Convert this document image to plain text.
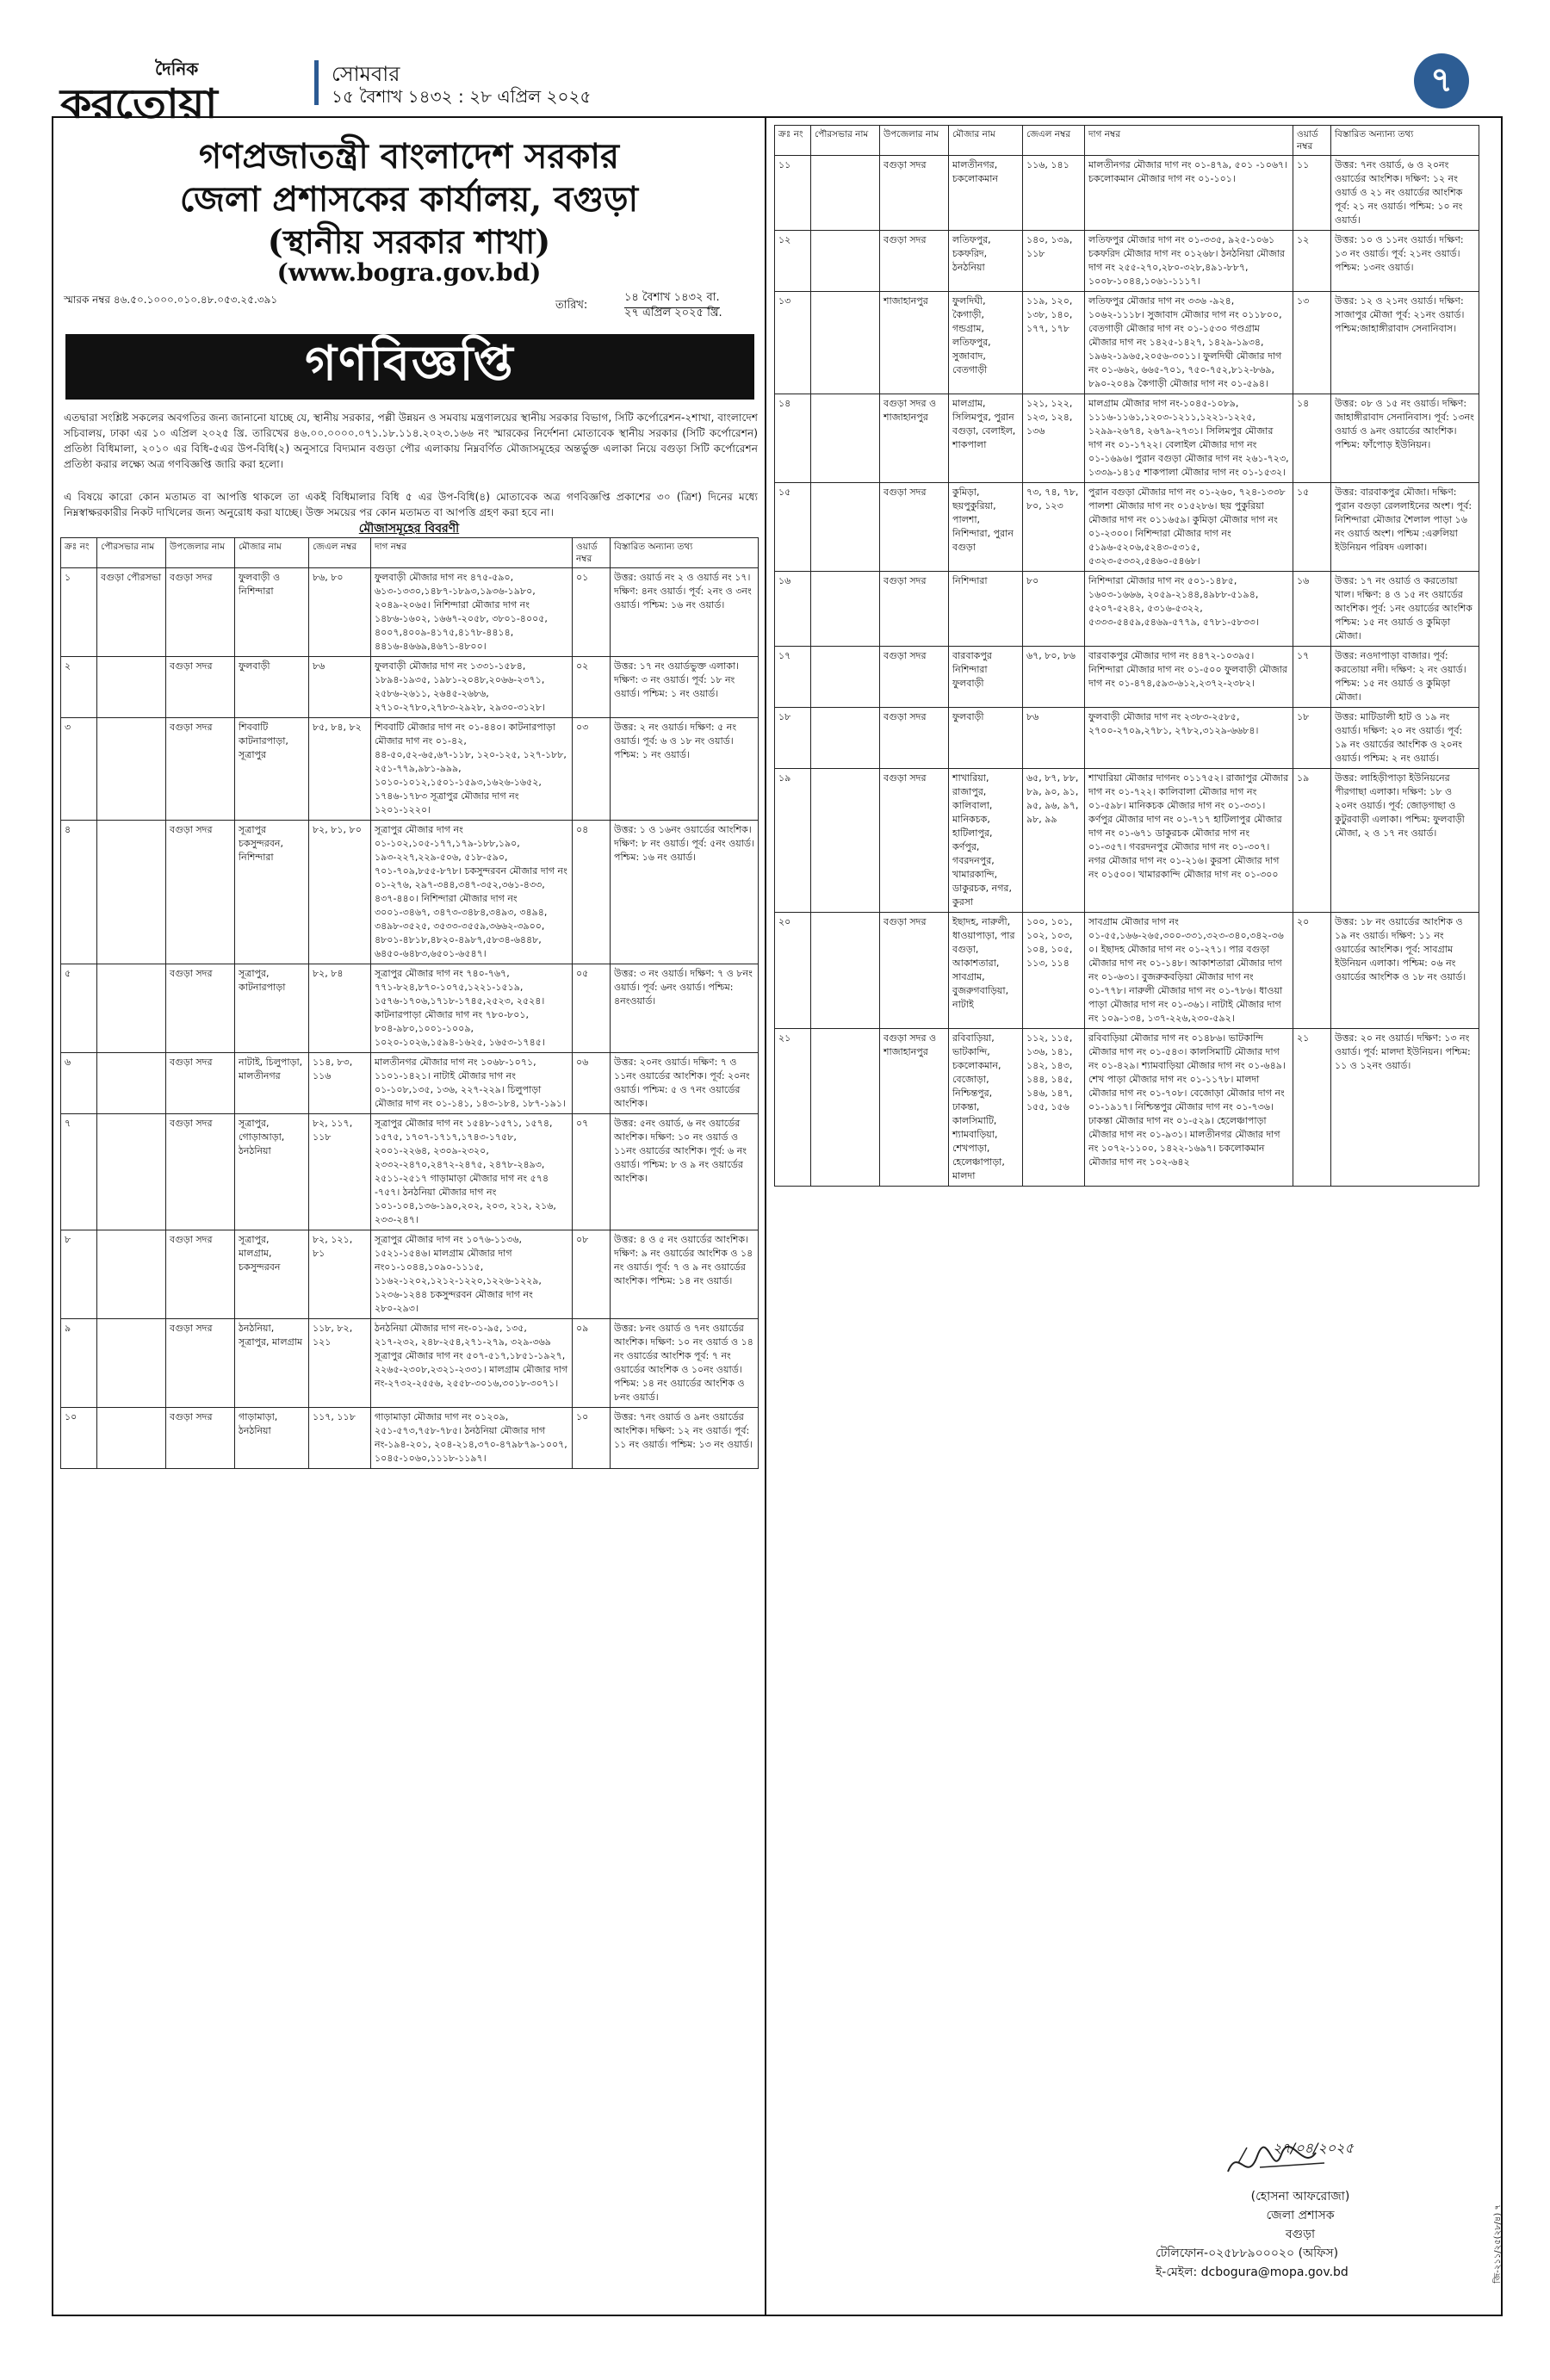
দৈনিক
করতোয়া
সোমবার
১৫ বৈশাখ ১৪৩২ : ২৮ এপ্রিল ২০২৫	৭
গণপ্রজাতন্ত্রী বাংলাদেশ সরকার
জেলা প্রশাসকের কার্যালয়, বগুড়া
(স্থানীয় সরকার শাখা)
(www.bogra.gov.bd)
স্মারক নম্বর ৪৬.৫০.১০০০.০১০.৪৮.০৫৩.২৫.৩৯১	তারিখ:
১৪ বৈশাখ ১৪৩২ বা.
২৭ এপ্রিল ২০২৫ খ্রি.
গণবিজ্ঞপ্তি
এতদ্বারা সংশ্লিষ্ট সকলের অবগতির জন্য জানানো যাচ্ছে যে, স্থানীয় সরকার, পল্লী উন্নয়ন ও সমবায় মন্ত্রণালয়ের স্থানীয় সরকার বিভাগ, সিটি কর্পোরেশন-২শাখা, বাংলাদেশ সচিবালয়, ঢাকা এর ১০ এপ্রিল ২০২৫ খ্রি. তারিখের ৪৬.০০.০০০০.০৭১.১৮.১১৪.২০২৩.১৬৬ নং স্মারকের নির্দেশনা মোতাবেক স্থানীয় সরকার (সিটি কর্পোরেশন) প্রতিষ্ঠা বিধিমালা, ২০১০ এর বিধি-৫এর উপ-বিধি(২) অনুসারে বিদ্যমান বগুড়া পৌর এলাকায় নিম্নবর্ণিত মৌজাসমূহের অন্তর্ভুক্ত এলাকা নিয়ে বগুড়া সিটি কর্পোরেশন প্রতিষ্ঠা করার লক্ষ্যে অত্র গণবিজ্ঞপ্তি জারি করা হলো।
এ বিষয়ে কারো কোন মতামত বা আপত্তি থাকলে তা একই বিধিমালার বিধি ৫ এর উপ-বিধি(৪) মোতাবেক অত্র গণবিজ্ঞপ্তি প্রকাশের ৩০ (ত্রিশ) দিনের মধ্যে নিম্নস্বাক্ষরকারীর নিকট দাখিলের জন্য অনুরোধ করা যাচ্ছে। উক্ত সময়ের পর কোন মতামত বা আপত্তি গ্রহণ করা হবে না।
মৌজাসমূহের বিবরণী
ক্রঃ নং	পৌরসভার নাম	উপজেলার নাম	মৌজার নাম	জেএল নম্বর	দাগ নম্বর	ওয়ার্ড নম্বর	বিস্তারিত অন্যান্য তথ্য
১	বগুড়া পৌরসভা	বগুড়া সদর	ফুলবাড়ী ও নিশিন্দারা	৮৬, ৮০	ফুলবাড়ী মৌজার দাগ নং ৪৭৫-৫৯০, ৬১৩-১৩৩০,১৪৮৭-১৮৯৩,১৯৩৬-১৯৮০, ২০৪৯-২০৬৫। নিশিন্দারা মৌজার দাগ নং ১৪৮৬-১৬০২, ১৬৬৭-২০৫৮, ৩৮০১-৪০০৫, ৪০০৭,৪০০৯-৪১৭৫,৪১৭৮-৪৪১৪, ৪৪১৬-৪৬৬৯,৪৬৭১-৪৮০০।	০১	উত্তর: ওয়ার্ড নং ২ ও ওয়ার্ড নং ১৭। দক্ষিণ: ৪নং ওয়ার্ড। পূর্ব: ২নং ও ৩নং ওয়ার্ড। পশ্চিম: ১৬ নং ওয়ার্ড।
২		বগুড়া সদর	ফুলবাড়ী	৮৬	ফুলবাড়ী মৌজার দাগ নং ১৩৩১-১৫৮৪, ১৮৯৪-১৯৩৫, ১৯৮১-২০৪৮,২০৬৬-২৩৭১, ২৫৮৬-২৬১১, ২৬৪৫-২৬৮৬, ২৭১০-২৭৮০,২৭৮৩-২৯২৮, ২৯৩০-৩১২৮।	০২	উত্তর: ১৭ নং ওয়ার্ডভুক্ত এলাকা। দক্ষিণ: ৩ নং ওয়ার্ড। পূর্ব: ১৮ নং ওয়ার্ড। পশ্চিম: ১ নং ওয়ার্ড।
৩		বগুড়া সদর	শিববাটি কাটনারপাড়া, সূত্রাপুর	৮৫, ৮৪, ৮২	শিববাটি মৌজার দাগ নং ০১-৪৪০। কাটনারপাড়া মৌজার দাগ নং ০১-৪২, ৪৪-৫০,৫২-৬৫,৬৭-১১৮, ১২০-১২৫, ১২৭-১৮৮, ২৫১-৭৭৯,৯৮১-৯৯৯, ১০১০-১০১২,১৫০১-১৫৯৩,১৬২৬-১৬৫২, ১৭৪৬-১৭৮৩ সূত্রাপুর মৌজার দাগ নং ১২০১-১২২০।	০৩	উত্তর: ২ নং ওয়ার্ড। দক্ষিণ: ৫ নং ওয়ার্ড। পূর্ব: ৬ ও ১৮ নং ওয়ার্ড। পশ্চিম: ১ নং ওয়ার্ড।
৪		বগুড়া সদর	সূত্রাপুর চকসুন্দরবন, নিশিন্দারা	৮২, ৮১, ৮০	সূত্রাপুর মৌজার দাগ নং ০১-১০২,১০৫-১৭৭,১৭৯-১৮৮,১৯০, ১৯৩-২২৭,২২৯-৫০৬, ৫১৮-৫৯০, ৭০১-৭০৯,৮৫৫-৮৭৮। চকসুন্দরবন মৌজার দাগ নং ০১-২৭৬, ২৯৭-৩৪৪,৩৪৭-৩৫২,৩৬১-৪৩৩, ৪৩৭-৪৪০। নিশিন্দারা মৌজার দাগ নং ৩০০১-৩৪৬৭, ৩৪৭৩-৩৪৮৪,৩৪৯৩, ৩৪৯৪, ৩৪৯৮-৩৫২৫, ৩৫৩৩-৩৫৫৯,৩৬৬২-৩৯০০, ৪৮০১-৪৮১৮,৪৮২০-৪৯৮৭,৫৮৩৪-৬৪৪৮, ৬৪৫০-৬৪৮৩,৬৫০১-৬৫৪৭।	০৪	উত্তর: ১ ও ১৬নং ওয়ার্ডের আংশিক। দক্ষিণ: ৮ নং ওয়ার্ড। পূর্ব: ৫নং ওয়ার্ড। পশ্চিম: ১৬ নং ওয়ার্ড।
৫		বগুড়া সদর	সূত্রাপুর, কাটনারপাড়া	৮২, ৮৪	সূত্রাপুর মৌজার দাগ নং ৭৪০-৭৬৭, ৭৭১-৮২৪,৮৭০-১০৭৫,১২২১-১৫১৯, ১৫৭৬-১৭০৬,১৭১৮-১৭৪৫,২৫২৩, ২৫২৪। কাটনারপাড়া মৌজার দাগ নং ৭৮০-৮০১, ৮০৪-৯৮০,১০০১-১০০৯, ১০২০-১০২৬,১৫৯৪-১৬২৫, ১৬৫৩-১৭৪৫।	০৫	উত্তর: ৩ নং ওয়ার্ড। দক্ষিণ: ৭ ও ৮নং ওয়ার্ড। পূর্ব: ৬নং ওয়ার্ড। পশ্চিম: ৪নংওয়ার্ড।
৬		বগুড়া সদর	নাটাই, চিলুপাড়া, মালতীনগর	১১৪, ৮৩, ১১৬	মালতীনগর মৌজার দাগ নং ১০৬৮-১০৭১, ১১০১-১৪২১। নাটাই মৌজার দাগ নং ০১-১০৮,১৩৫, ১৩৬, ২২৭-২২৯। চিলুপাড়া মৌজার দাগ নং ০১-১৪১, ১৪৩-১৮৪, ১৮৭-১৯১।	০৬	উত্তর: ২০নং ওয়ার্ড। দক্ষিণ: ৭ ও ১১নং ওয়ার্ডের আংশিক। পূর্ব: ২০নং ওয়ার্ড। পশ্চিম: ৫ ও ৭নং ওয়ার্ডের আংশিক।
৭		বগুড়া সদর	সূত্রাপুর, গোড়াআড়া, ঠনঠনিয়া	৮২, ১১৭, ১১৮	সূত্রাপুর মৌজার দাগ নং ১৫৪৮-১৫৭১, ১৫৭৪, ১৫৭৫, ১৭০৭-১৭১৭,১৭৪৩-১৭৫৮, ২০০১-২২৬৪, ২৩০৯-২৩২০, ২৩৩২-২৪৭০,২৪৭২-২৪৭৫, ২৪৭৮-২৪৯৩, ২৫১১-২৫১৭ গাড়ামাড়া মৌজার দাগ নং ৫৭৪ -৭৫৭। ঠনঠনিয়া মৌজার দাগ নং ১০১-১০৪,১৩৬-১৯০,২০২, ২০৩, ২১২, ২১৬, ২৩৩-২৪৭।	০৭	উত্তর: ৫নং ওয়ার্ড, ৬ নং ওয়ার্ডের আংশিক। দক্ষিণ: ১০ নং ওয়ার্ড ও ১১নং ওয়ার্ডের আংশিক। পূর্ব: ৬ নং ওয়ার্ড। পশ্চিম: ৮ ও ৯ নং ওয়ার্ডের আংশিক।
৮		বগুড়া সদর	সূত্রাপুর, মালগ্রাম, চকসুন্দরবন	৮২, ১২১, ৮১	সূত্রাপুর মৌজার দাগ নং ১০৭৬-১১৩৬, ১৫২১-১৫৪৬। মালগ্রাম মৌজার দাগ নং০১-১০৪৪,১০৯০-১১১৫, ১১৬২-১২০২,১২১২-১২২০,১২২৬-১২২৯, ১২৩৬-১২৪৪ চকসুন্দরবন মৌজার দাগ নং ২৮০-২৯৩।	০৮	উত্তর: ৪ ও ৫ নং ওয়ার্ডের আংশিক। দক্ষিণ: ৯ নং ওয়ার্ডের আংশিক ও ১৪ নং ওয়ার্ড। পূর্ব: ৭ ও ৯ নং ওয়ার্ডের আংশিক। পশ্চিম: ১৪ নং ওয়ার্ড।
৯		বগুড়া সদর	ঠনঠনিয়া, সূত্রাপুর, মালগ্রাম	১১৮, ৮২, ১২১	ঠনঠনিয়া মৌজার দাগ নং-০১-৯৫, ১৩৫, ২১৭-২৩২, ২৪৮-২৫৪,২৭১-২৭৯, ৩২৯-৩৬৯ সূত্রাপুর মৌজার দাগ নং ৫০৭-৫১৭,১৮৫১-১৯২৭, ২২৬৫-২৩০৮,২৩২১-২৩৩১। মালগ্রাম মৌজার দাগ নং-২৭৩২-২৫৫৬, ২৫৫৮-৩০১৬,৩০১৮-৩০৭১।	০৯	উত্তর: ৮নং ওয়ার্ড ও ৭নং ওয়ার্ডের আংশিক। দক্ষিণ: ১০ নং ওয়ার্ড ও ১৪ নং ওয়ার্ডের আংশিক পূর্ব: ৭ নং ওয়ার্ডের আংশিক ও ১০নং ওয়ার্ড। পশ্চিম: ১৪ নং ওয়ার্ডের আংশিক ও ৮নং ওয়ার্ড।
১০		বগুড়া সদর	গাড়ামাড়া, ঠনঠনিয়া	১১৭, ১১৮	গাড়ামাড়া মৌজার দাগ নং ০১২০৯, ২৫১-৫৭৩,৭৫৮-৭৮৫। ঠনঠনিয়া মৌজার দাগ নং-১৯৪-২০১, ২০৪-২১৪,৩৭০-৪৭৯৮৭৯-১০০৭, ১০৪৫-১০৬০,১১১৮-১১৯৭।	১০	উত্তর: ৭নং ওয়ার্ড ও ৯নং ওয়ার্ডের আংশিক। দক্ষিণ: ১২ নং ওয়ার্ড। পূর্ব: ১১ নং ওয়ার্ড। পশ্চিম: ১৩ নং ওয়ার্ড।
ক্রঃ নং	পৌরসভার নাম	উপজেলার নাম	মৌজার নাম	জেএল নম্বর	দাগ নম্বর	ওয়ার্ড নম্বর	বিস্তারিত অন্যান্য তথ্য
১১		বগুড়া সদর	মালতীনগর, চকলোকমান	১১৬, ১৪১	মালতীনগর মৌজার দাগ নং ০১-৪৭৯, ৫০১ -১০৬৭। চকলোকমান মৌজার দাগ নং ০১-১০১।	১১	উত্তর: ৭নং ওয়ার্ড, ৬ ও ২০নং ওয়ার্ডের আংশিক। দক্ষিণ: ১২ নং ওয়ার্ড ও ২১ নং ওয়ার্ডের আংশিক পূর্ব: ২১ নং ওয়ার্ড। পশ্চিম: ১০ নং ওয়ার্ড।
১২		বগুড়া সদর	লতিফপুর, চকফরিদ, ঠনঠনিয়া	১৪০, ১৩৯, ১১৮	লতিফপুর মৌজার দাগ নং ০১-৩৩৫, ৯২৫-১০৬১ চকফরিদ মৌজার দাগ নং ০১২৬৮। ঠনঠনিয়া মৌজার দাগ নং ২৫৫-২৭০,২৮০-৩২৮,৪৯১-৮৮৭, ১০০৮-১০৪৪,১০৬১-১১১৭।	১২	উত্তর: ১০ ও ১১নং ওয়ার্ড। দক্ষিণ: ১৩ নং ওয়ার্ড। পূর্ব: ২১নং ওয়ার্ড। পশ্চিম: ১৩নং ওয়ার্ড।
১৩		শাজাহানপুর	ফুলদিঘী, কৈগাড়ী, গন্ডগ্রাম, লতিফপুর, সুজাবাদ, বেতগাড়ী	১১৯, ১২০, ১৩৮, ১৪০, ১৭৭, ১৭৮	লতিফপুর মৌজার দাগ নং ৩৩৬ -৯২৪, ১০৬২-১১১৮। সুজাবাদ মৌজার দাগ নং ০১১৮০০, বেতগাড়ী মৌজার দাগ নং ০১-১৫৩০ গণ্ডগ্রাম মৌজার দাগ নং ১৪২৫-১৪২৭, ১৪২৯-১৯৩৪, ১৯৬২-১৯৬৫,২০৫৬-৩০১১। ফুলদিঘী মৌজার দাগ নং ০১-৬৬২, ৬৬৫-৭০১, ৭৫০-৭৫২,৮১২-৮৬৯, ৮৯০-২০৪৯ কৈগাড়ী মৌজার দাগ নং ০১-৫৯৪।	১৩	উত্তর: ১২ ও ২১নং ওয়ার্ড। দক্ষিণ: সাজাপুর মৌজা পূর্ব: ২১নং ওয়ার্ড। পশ্চিম:জাহাঙ্গীরাবাদ সেনানিবাস।
১৪		বগুড়া সদর ও শাজাহানপুর	মালগ্রাম, সিলিমপুর, পুরান বগুড়া, বেলাইল, শাকপালা	১২১, ১২২, ১২৩, ১২৪, ১৩৬	মালগ্রাম মৌজার দাগ নং-১০৪৫-১০৮৯, ১১১৬-১১৬১,১২০৩-১২১১,১২২১-১২২৫, ১২৯৯-২৬৭৪, ২৬৭৯-২৭৩১। সিলিমপুর মৌজার দাগ নং ০১-১৭২২। বেলাইল মৌজার দাগ নং ০১-১৬৯৬। পুরান বগুড়া মৌজার দাগ নং ২৬১-৭২৩, ১৩৩৯-১৪১৫ শাকপালা মৌজার দাগ নং ০১-১৫৩২।	১৪	উত্তর: ০৮ ও ১৫ নং ওয়ার্ড। দক্ষিণ: জাহাঙ্গীরাবাদ সেনানিবাস। পূর্ব: ১৩নং ওয়ার্ড ও ৯নং ওয়ার্ডের আংশিক। পশ্চিম: ফাঁপোড় ইউনিয়ন।
১৫		বগুড়া সদর	কুমিড়া, ছয়পুকুরিয়া, পালশা, নিশিন্দারা, পুরান বগুড়া	৭৩, ৭৪, ৭৮, ৮০, ১২৩	পুরান বগুড়া মৌজার দাগ নং ০১-২৬০, ৭২৪-১৩৩৮ পালশা মৌজার দাগ নং ০১৫২৮৬। ছয় পুকুরিয়া মৌজার দাগ নং ০১১৬৫৯। কুমিড়া মৌজার দাগ নং ০১-২৩০০। নিশিন্দারা মৌজার দাগ নং ৫১৯৬-৫২০৬,৫২৪৩-৫৩১৫, ৫৩২৩-৫৩৩২,৫৪৬০-৫৪৬৮।	১৫	উত্তর: বারবাকপুর মৌজা। দক্ষিণ: পুরান বগুড়া রেললাইনের অংশ। পূর্ব: নিশিন্দারা মৌজার শৈলাল পাড়া ১৬ নং ওয়ার্ড অংশ। পশ্চিম :এরুলিয়া ইউনিয়ন পরিষদ এলাকা।
১৬		বগুড়া সদর	নিশিন্দারা	৮০	নিশিন্দারা মৌজার দাগ নং ৫০১-১৪৮৫, ১৬০৩-১৬৬৬, ২০৫৯-২১৪৪,৪৯৮৮-৫১৯৪, ৫২০৭-৫২৪২, ৫৩১৬-৫৩২২, ৫৩৩৩-৫৪৫৯,৫৪৬৯-৫৭৭৯, ৫৭৮১-৫৮৩৩।	১৬	উত্তর: ১৭ নং ওয়ার্ড ও করতোয়া খাল। দক্ষিণ: ৪ ও ১৫ নং ওয়ার্ডের আংশিক। পূর্ব: ১নং ওয়ার্ডের আংশিক পশ্চিম: ১৫ নং ওয়ার্ড ও কুমিড়া মৌজা।
১৭		বগুড়া সদর	বারবাকপুর নিশিন্দারা ফুলবাড়ী	৬৭, ৮০, ৮৬	বারবাকপুর মৌজার দাগ নং ৪৪৭২-১০৩৯৫। নিশিন্দারা মৌজার দাগ নং ০১-৫০০ ফুলবাড়ী মৌজার দাগ নং ০১-৪৭৪,৫৯৩-৬১২,২৩৭২-২৩৮২।	১৭	উত্তর: নওদাপাড়া বাজার। পূর্ব: করতোয়া নদী। দক্ষিণ: ২ নং ওয়ার্ড। পশ্চিম: ১৫ নং ওয়ার্ড ও কুমিড়া মৌজা।
১৮		বগুড়া সদর	ফুলবাড়ী	৮৬	ফুলবাড়ী মৌজার দাগ নং ২৩৮৩-২৫৮৫, ২৭০০-২৭০৯,২৭৮১, ২৭৮২,৩১২৯-৬৬৮৪।	১৮	উত্তর: মাটিডালী হাট ও ১৯ নং ওয়ার্ড। দক্ষিণ: ২০ নং ওয়ার্ড। পূর্ব: ১৯ নং ওয়ার্ডের আংশিক ও ২০নং ওয়ার্ড। পশ্চিম: ২ নং ওয়ার্ড।
১৯		বগুড়া সদর	শাখারিয়া, রাজাপুর, কালিবালা, মানিকচক, হাটিলাপুর, কর্ণপুর, গবরদনপুর, খামারকান্দি, ডাকুরচক, নগর, কুরসা	৬৫, ৮৭, ৮৮, ৮৯, ৯০, ৯১, ৯৫, ৯৬, ৯৭, ৯৮, ৯৯	শাখারিয়া মৌজার দাগনং ০১১৭৫২। রাজাপুর মৌজার দাগ নং ০১-৭২২। কালিবালা মৌজার দাগ নং ০১-৫৯৮। মানিকচক মৌজার দাগ নং ০১-৩৩১। কর্ণপুর মৌজার দাগ নং ০১-৭১৭ হাটিলাপুর মৌজার দাগ নং ০১-৬৭১ ডাকুরচক মৌজার দাগ নং ০১-৩৫৭। গবরদনপুর মৌজার দাগ নং ০১-৩০৭। নগর মৌজার দাগ নং ০১-২১৬। কুরসা মৌজার দাগ নং ০১৫০০। খামারকান্দি মৌজার দাগ নং ০১-৩০০	১৯	উত্তর: লাহিড়ীপাড়া ইউনিয়নের পীরগাছা এলাকা। দক্ষিণ: ১৮ ও ২০নং ওয়ার্ড। পূর্ব: জোড়গাছা ও কুটুরবাড়ী এলাকা। পশ্চিম: ফুলবাড়ী মৌজা, ২ ও ১৭ নং ওয়ার্ড।
২০		বগুড়া সদর	ইছাদহ, নারুলী, ধাওয়াপাড়া, পার বগুড়া, আকাশতারা, সাবগ্রাম, বুজরুগবাড়িয়া, নাটাই	১০০, ১০১, ১০২, ১০৩, ১০৪, ১০৫, ১১৩, ১১৪	সাবগ্রাম মৌজার দাগ নং ০১-৫৫,১৬৬-২৬৫,৩০০-৩৩১,৩২৩-৩৪০,৩৪২-৩৬০। ইছাদহ মৌজার দাগ নং ০১-২৭১। পার বগুড়া মৌজার দাগ নং ০১-১৪৮। আকাশতারা মৌজার দাগ নং ০১-৬৩১। বুজরুকবড়িয়া মৌজার দাগ নং ০১-৭৭৮। নারুলী মৌজার দাগ নং ০১-৭৮৬। ধাওয়া পাড়া মৌজার দাগ নং ০১-৩৬১। নাটাই মৌজার দাগ নং ১০৯-১৩৪, ১৩৭-২২৬,২৩০-৫৯২।	২০	উত্তর: ১৮ নং ওয়ার্ডের আংশিক ও ১৯ নং ওয়ার্ড। দক্ষিণ: ১১ নং ওয়ার্ডের আংশিক। পূর্ব: সাবগ্রাম ইউনিয়ন এলাকা। পশ্চিম: ০৬ নং ওয়ার্ডের আংশিক ও ১৮ নং ওয়ার্ড।
২১		বগুড়া সদর ও শাজাহানপুর	রবিবাড়িয়া, ভাটকান্দি, চকলোকমান, বেজোড়া, নিশ্চিন্তপুর, ঢাকন্তা, কালসিমাটি, শ্যামবাড়িয়া, শেখপাড়া, হেলেঞ্চাপাড়া, মালদা	১১২, ১১৫, ১৩৬, ১৪১, ১৪২, ১৪৩, ১৪৪, ১৪৫, ১৪৬, ১৪৭, ১৫৫, ১৫৬	রবিবাড়িয়া মৌজার দাগ নং ০১৪৮৬। ভাটকান্দি মৌজার দাগ নং ০১-৫৪৩। কালসিমাটি মৌজার দাগ নং ০১-৪২৯। শ্যামবাড়িয়া মৌজার দাগ নং ০১-৬৪৯। শেখ পাড়া মৌজার দাগ নং ০১-১১৭৮। মালদা মৌজার দাগ নং ০১-৭০৮। বেজোড়া মৌজার দাগ নং ০১-১৯১৭। নিশ্চিন্তপুর মৌজার দাগ নং ০১-৭৩৬। ঢাকন্তা মৌজার দাগ নং ০১-৫২৯। হেলেঞ্চাপাড়া মৌজার দাগ নং ০১-৯৩১। মালতীনগর মৌজার দাগ নং ১০৭২-১১০০, ১৪২২-১৬৯৭। চকলোকমান মৌজার দাগ নং ১০২-৬৪২	২১	উত্তর: ২০ নং ওয়ার্ড। দক্ষিণ: ১৩ নং ওয়ার্ড। পূর্ব: মালদা ইউনিয়ন। পশ্চিম: ১১ ও ১২নং ওয়ার্ড।
২৭/০৪/২০২৫
(হোসনা আফরোজা)
জেলা প্রশাসক
বগুড়া
টেলিফোন-০২৫৮৮৯০০০২০ (অফিস)
ই-মেইল: dcbogura@mopa.gov.bd	জি-২১১/২৫(২৮/৪) ৭
